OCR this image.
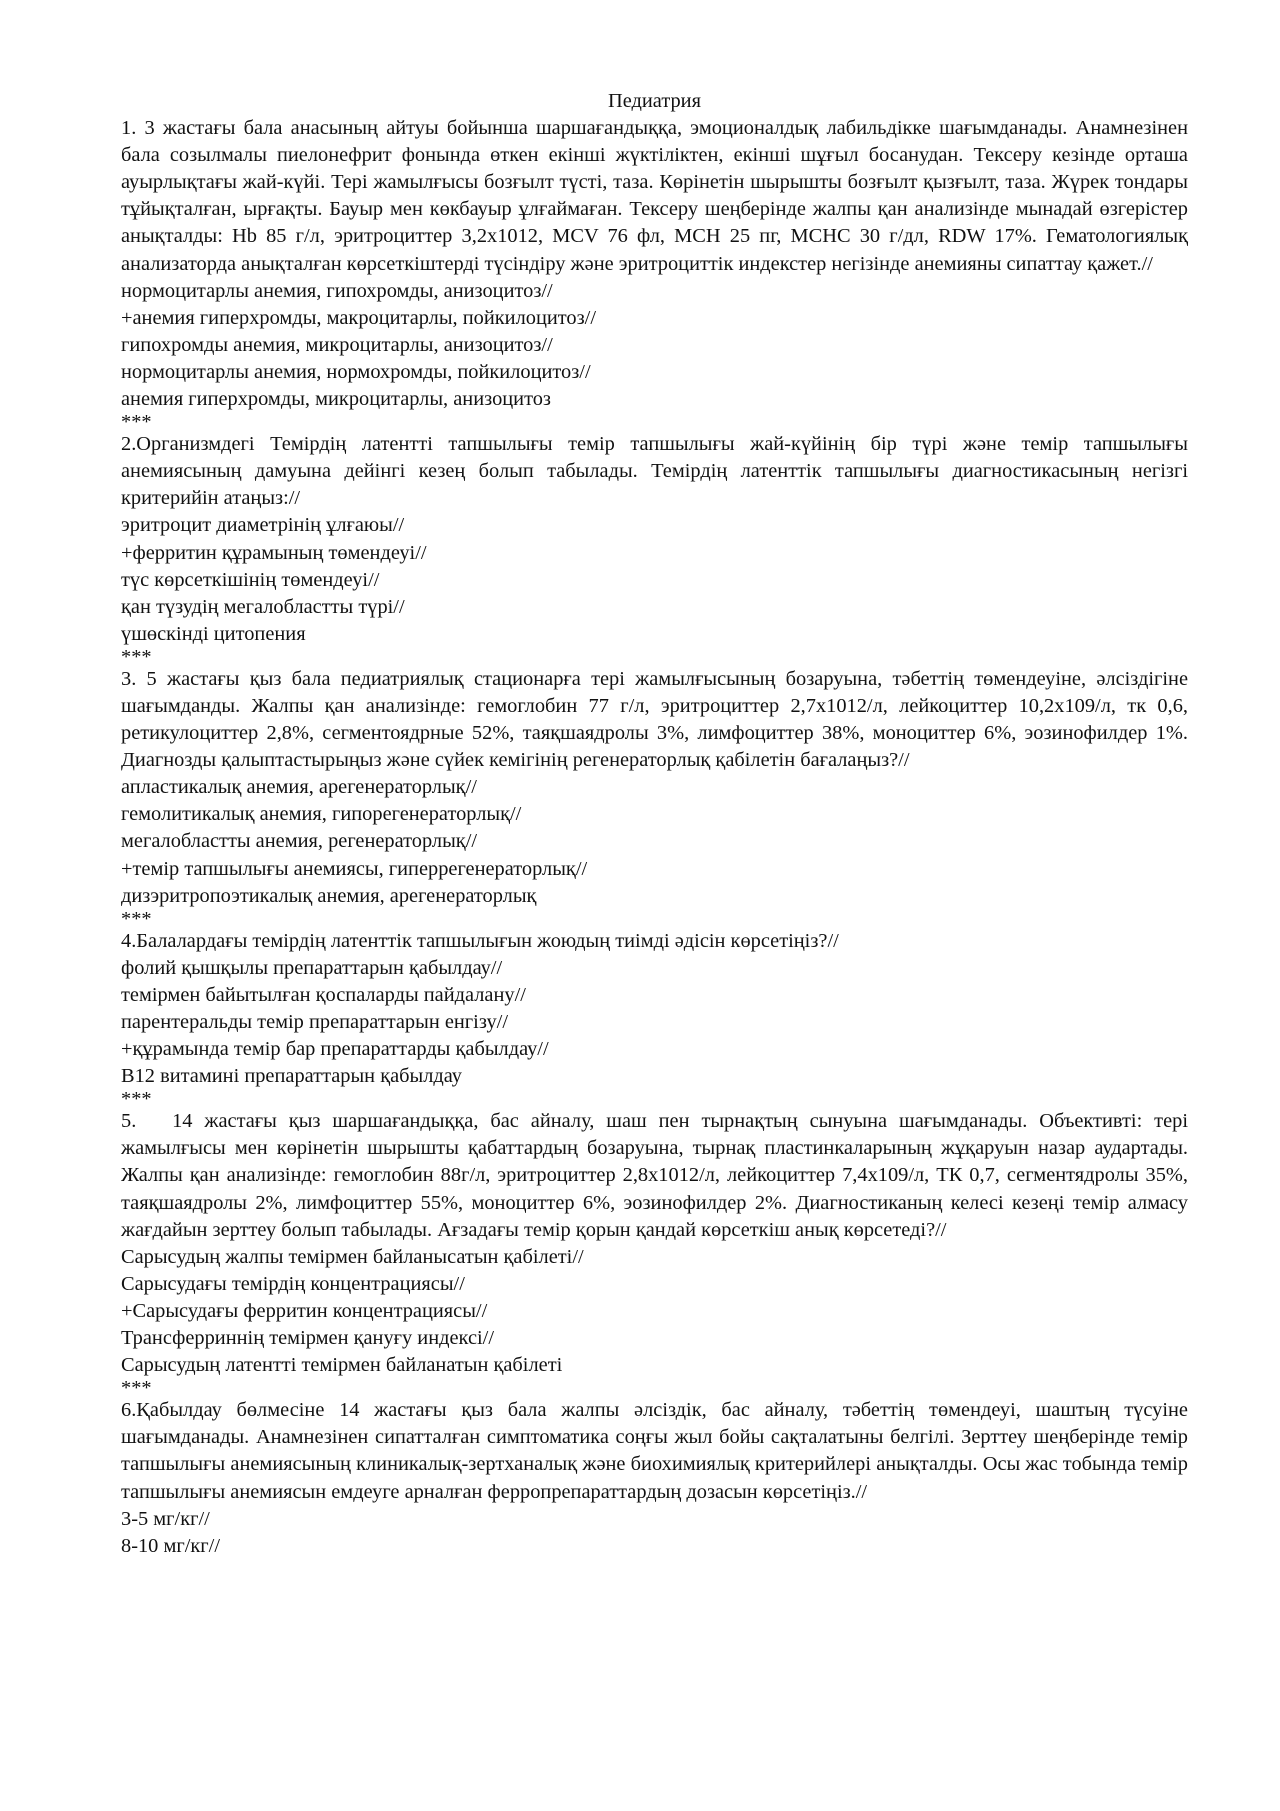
Педиатрия

1. 3 жастағы бала анасының айтуы бойынша шаршағандыққа, эмоционалдық лабильдікке шағымданады. Анамнезінен бала созылмалы пиелонефрит фонында өткен екінші жүктіліктен, екінші шұғыл босанудан. Тексеру кезінде орташа ауырлықтағы жай-күйі. Тері жамылғысы бозғылт түсті, таза. Көрінетін шырышты бозғылт қызғылт, таза. Жүрек тондары тұйықталған, ырғақты. Бауыр мен көкбауыр ұлғаймаған. Тексеру шеңберінде жалпы қан анализінде мынадай өзгерістер анықталды: Hb 85 г/л, эритроциттер 3,2х1012, MCV 76 фл, MCH 25 пг, MCHC 30 г/дл, RDW 17%. Гематологиялық анализаторда анықталған көрсеткіштерді түсіндіру және эритроциттік индекстер негізінде анемияны сипаттау қажет.//

нормоцитарлы анемия, гипохромды, анизоцитоз//

+анемия гиперхромды, макроцитарлы, пойкилоцитоз//

гипохромды анемия, микроцитарлы, анизоцитоз//

нормоцитарлы анемия, нормохромды, пойкилоцитоз//

анемия гиперхромды, микроцитарлы, анизоцитоз

***

2.Организмдегі Темірдің латентті тапшылығы темір тапшылығы жай-күйінің бір түрі және темір тапшылығы анемиясының дамуына дейінгі кезең болып табылады. Темірдің латенттік тапшылығы диагностикасының негізгі критерийін атаңыз://

эритроцит диаметрінің ұлғаюы//

+ферритин құрамының төмендеуі//

түс көрсеткішінің төмендеуі//

қан түзудің мегалобластты түрі//

үшөскінді цитопения

***

3. 5 жастағы қыз бала педиатриялық стационарға тері жамылғысының бозаруына, тәбеттің төмендеуіне, әлсіздігіне шағымданды. Жалпы қан анализінде: гемоглобин 77 г/л, эритроциттер 2,7х1012/л, лейкоциттер 10,2х109/л, тк 0,6, ретикулоциттер 2,8%, сегментоядрные 52%, таяқшаядролы 3%, лимфоциттер 38%, моноциттер 6%, эозинофилдер 1%. Диагнозды қалыптастырыңыз және сүйек кемігінің регенераторлық қабілетін бағалаңыз?//

апластикалық анемия, арегенераторлық//

гемолитикалық анемия, гипорегенераторлық//

мегалобластты анемия, регенераторлық//

+темір тапшылығы анемиясы, гиперрегенераторлық//

дизэритропоэтикалық анемия, арегенераторлық

***

4.Балалардағы темірдің латенттік тапшылығын жоюдың тиімді әдісін көрсетіңіз?//

фолий қышқылы препараттарын қабылдау//

темірмен байытылған қоспаларды пайдалану//

парентеральды темір препараттарын енгізу//

+құрамында темір бар препараттарды қабылдау//

В12 витамині препараттарын қабылдау

***

5.   14 жастағы қыз шаршағандыққа, бас айналу, шаш пен тырнақтың сынуына шағымданады. Объективті: тері жамылғысы мен көрінетін шырышты қабаттардың бозаруына, тырнақ пластинкаларының жұқаруын назар аудартады. Жалпы қан анализінде: гемоглобин 88г/л, эритроциттер 2,8х1012/л, лейкоциттер 7,4х109/л, ТК 0,7, сегментядролы 35%, таяқшаядролы 2%, лимфоциттер 55%, моноциттер 6%, эозинофилдер 2%. Диагностиканың келесі кезеңі темір алмасу жағдайын зерттеу болып табылады. Ағзадағы темір қорын қандай көрсеткіш анық көрсетеді?//

Сарысудың жалпы темірмен байланысатын қабілеті//

Сарысудағы темірдің концентрациясы//

+Сарысудағы ферритин концентрациясы//

Трансферриннің темірмен қануғу индексі//

Сарысудың латентті темірмен байланатын қабілеті

***

6.Қабылдау бөлмесіне 14 жастағы қыз бала жалпы әлсіздік, бас айналу, тәбеттің төмендеуі, шаштың түсуіне шағымданады. Анамнезінен сипатталған симптоматика соңғы жыл бойы сақталатыны белгілі. Зерттеу шеңберінде темір тапшылығы анемиясының клиникалық-зертханалық және биохимиялық критерийлері анықталды. Осы жас тобында темір тапшылығы анемиясын емдеуге арналған ферропрепараттардың дозасын көрсетіңіз.//

3-5 мг/кг//

8-10 мг/кг//
